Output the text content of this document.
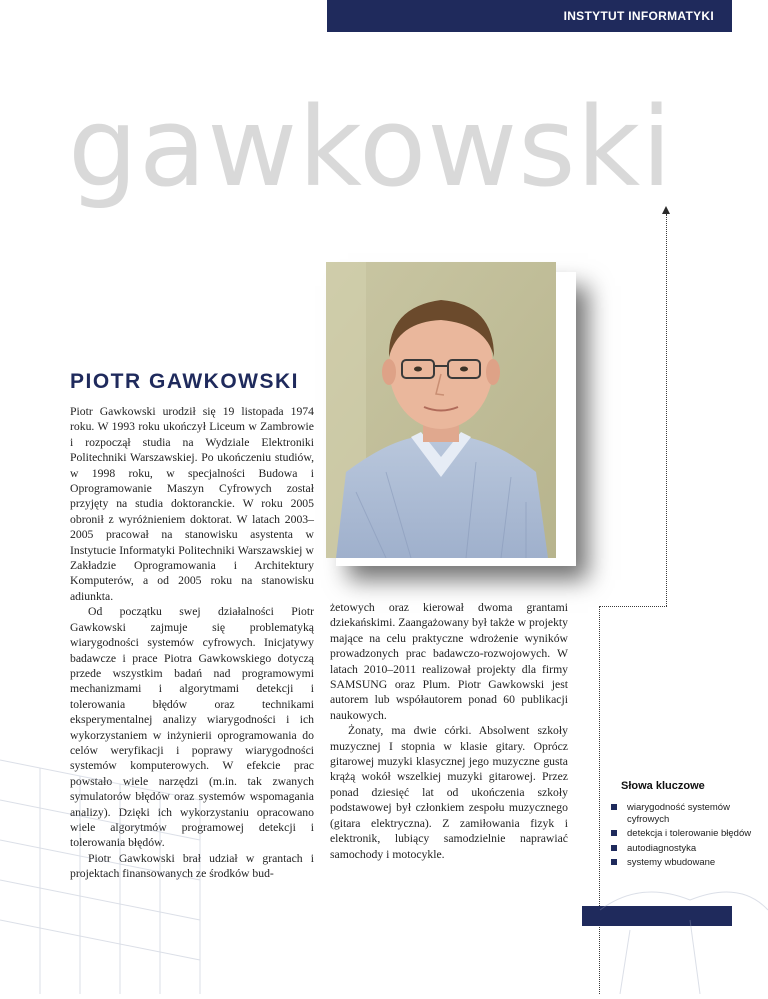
INSTYTUT INFORMATYKI
gawkowski
PIOTR GAWKOWSKI

Piotr Gawkowski urodził się 19 listopada 1974 roku. W 1993 roku ukończył Liceum w Zambrowie i rozpoczął studia na Wydziale Elektroniki Politechniki Warszawskiej. Po ukończeniu studiów, w 1998 roku, w specjalności Budowa i Oprogramowanie Maszyn Cyfrowych został przyjęty na studia doktoranckie. W roku 2005 obronił z wyróżnieniem doktorat. W latach 2003–2005 pracował na stanowisku asystenta w Instytucie Informatyki Politechniki Warszawskiej w Zakładzie Oprogramowania i Architektury Komputerów, a od 2005 roku na stanowisku adiunkta.

Od początku swej działalności Piotr Gawkowski zajmuje się problematyką wiarygodności systemów cyfrowych. Inicjatywy badawcze i prace Piotra Gawkowskiego dotyczą przede wszystkim badań nad programowymi mechanizmami i algorytmami detekcji i tolerowania błędów oraz technikami eksperymentalnej analizy wiarygodności i ich wykorzystaniem w inżynierii oprogramowania do celów weryfikacji i poprawy wiarygodności systemów komputerowych. W efekcie prac powstało wiele narzędzi (m.in. tak zwanych symulatorów błędów oraz systemów wspomagania analizy). Dzięki ich wykorzystaniu opracowano wiele algorytmów programowej detekcji i tolerowania błędów.

Piotr Gawkowski brał udział w grantach i projektach finansowanych ze środków bud-

żetowych oraz kierował dwoma grantami dziekańskimi. Zaangażowany był także w projekty mające na celu praktyczne wdrożenie wyników prowadzonych prac badawczo-rozwojowych. W latach 2010–2011 realizował projekty dla firmy SAMSUNG oraz Plum. Piotr Gawkowski jest autorem lub współautorem ponad 60 publikacji naukowych.

Żonaty, ma dwie córki. Absolwent szkoły muzycznej I stopnia w klasie gitary. Oprócz gitarowej muzyki klasycznej jego muzyczne gusta krążą wokół wszelkiej muzyki gitarowej. Przez ponad dziesięć lat od ukończenia szkoły podstawowej był członkiem zespołu muzycznego (gitara elektryczna). Z zamiłowania fizyk i elektronik, lubiący samodzielnie naprawiać samochody i motocykle.

Słowa kluczowe
wiarygodność systemów cyfrowych
detekcja i tolerowanie błędów
autodiagnostyka
systemy wbudowane
